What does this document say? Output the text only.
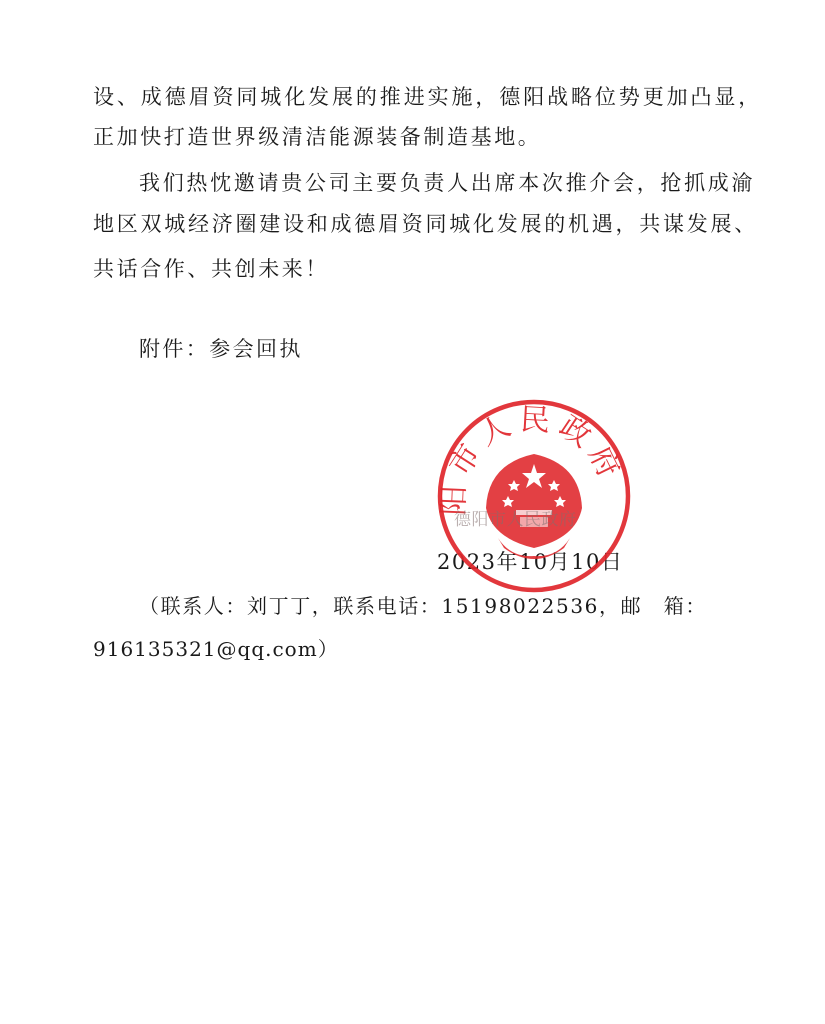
设、成德眉资同城化发展的推进实施，德阳战略位势更加凸显，
正加快打造世界级清洁能源装备制造基地。
我们热忱邀请贵公司主要负责人出席本次推介会，抢抓成渝
地区双城经济圈建设和成德眉资同城化发展的机遇，共谋发展、
共话合作、共创未来！
附件：参会回执
德阳市人民政府
阳市人民政府
2023年10月10日
（联系人：刘丁丁，联系电话：15198022536，邮　箱：
916135321@qq.com）
